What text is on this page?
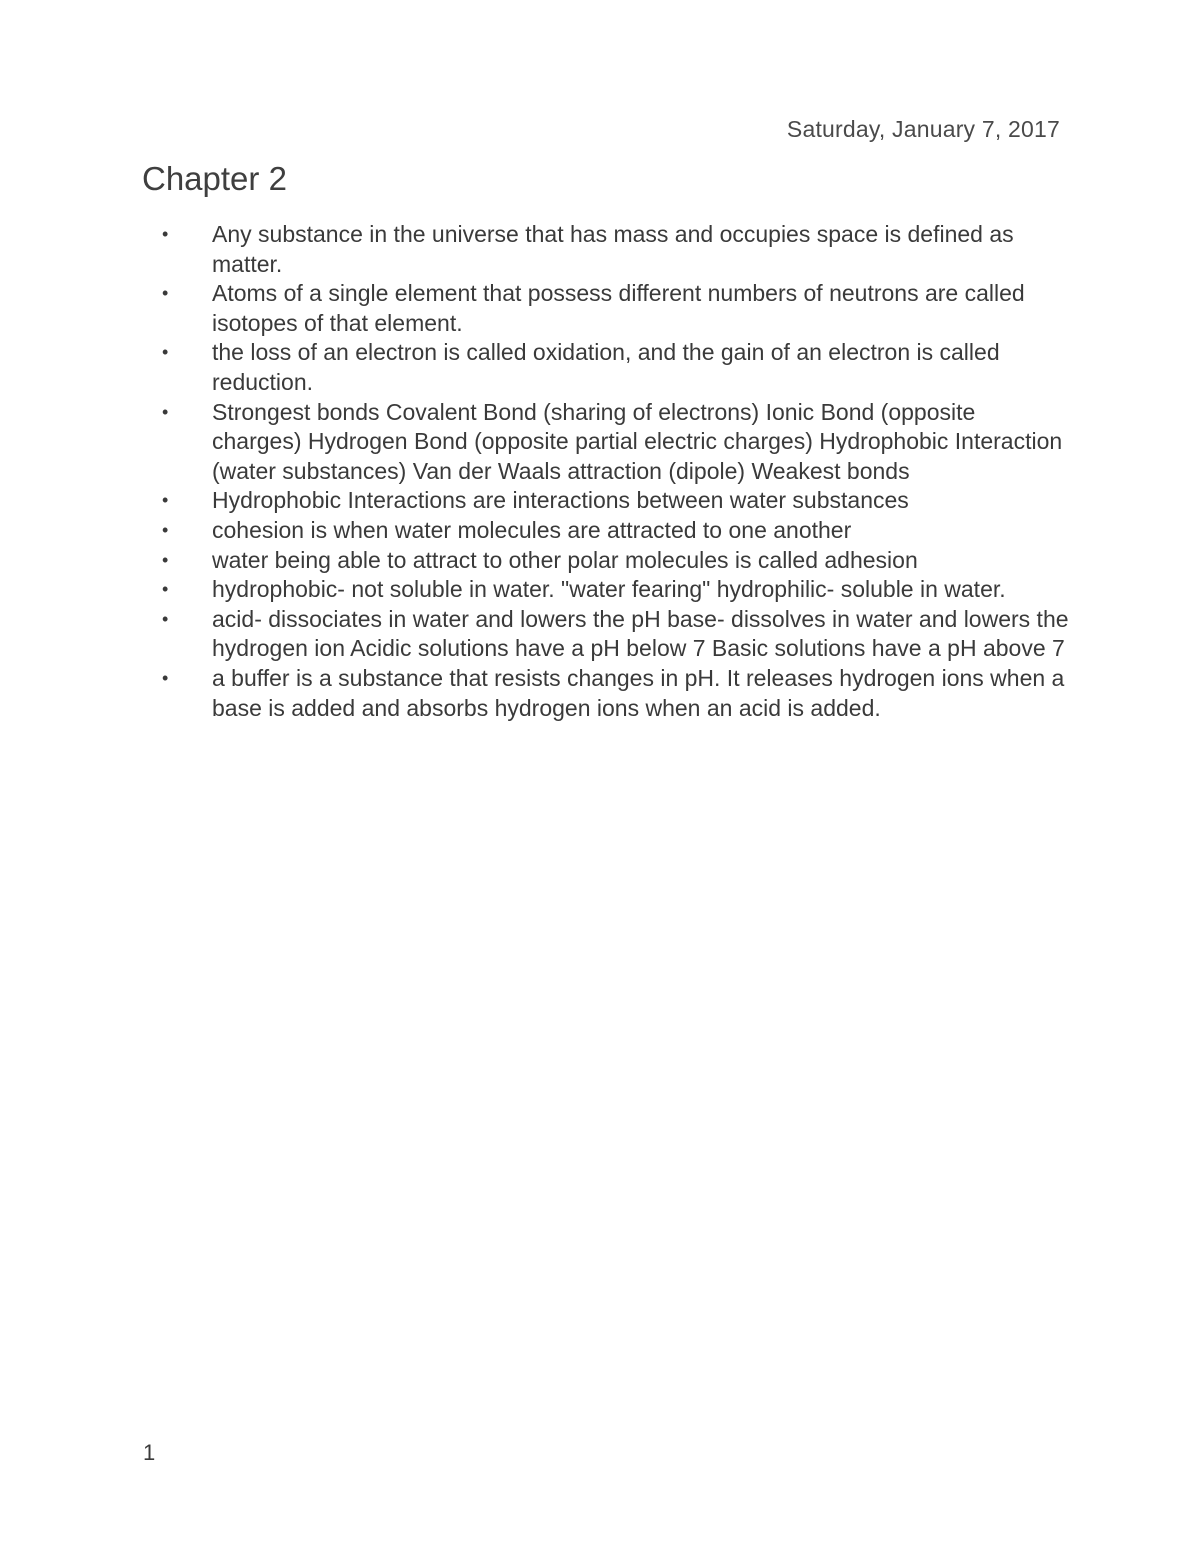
Saturday, January 7, 2017
Chapter 2
• Any substance in the universe that has mass and occupies space is defined as matter.
• Atoms of a single element that possess different numbers of neutrons are called isotopes of that element.
• the loss of an electron is called oxidation, and the gain of an electron is called reduction.
• Strongest bonds Covalent Bond (sharing of electrons) Ionic Bond (opposite charges) Hydrogen Bond (opposite partial electric charges) Hydrophobic Interaction (water substances) Van der Waals attraction (dipole) Weakest bonds
• Hydrophobic Interactions are interactions between water substances
• cohesion is when water molecules are attracted to one another
• water being able to attract to other polar molecules is called adhesion
• hydrophobic- not soluble in water. "water fearing" hydrophilic- soluble in water.
• acid- dissociates in water and lowers the pH base- dissolves in water and lowers the hydrogen ion Acidic solutions have a pH below 7 Basic solutions have a pH above 7
• a buffer is a substance that resists changes in pH. It releases hydrogen ions when a base is added and absorbs hydrogen ions when an acid is added.
1
